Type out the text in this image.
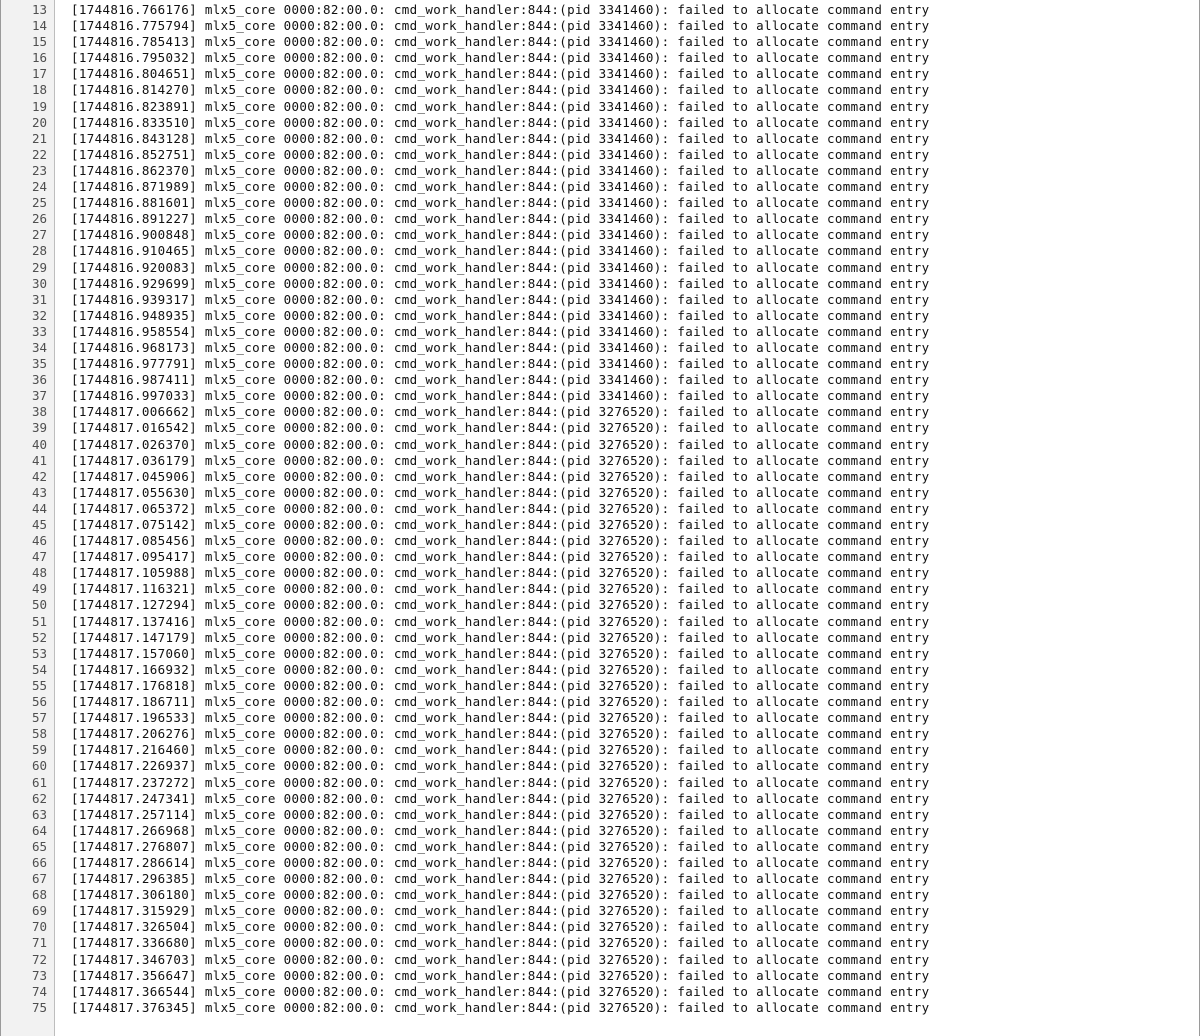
13
14
15
16
17
18
19
20
21
22
23
24
25
26
27
28
29
30
31
32
33
34
35
36
37
38
39
40
41
42
43
44
45
46
47
48
49
50
51
52
53
54
55
56
57
58
59
60
61
62
63
64
65
66
67
68
69
70
71
72
73
74
75
[1744816.766176] mlx5_core 0000:82:00.0: cmd_work_handler:844:(pid 3341460): failed to allocate command entry
[1744816.775794] mlx5_core 0000:82:00.0: cmd_work_handler:844:(pid 3341460): failed to allocate command entry
[1744816.785413] mlx5_core 0000:82:00.0: cmd_work_handler:844:(pid 3341460): failed to allocate command entry
[1744816.795032] mlx5_core 0000:82:00.0: cmd_work_handler:844:(pid 3341460): failed to allocate command entry
[1744816.804651] mlx5_core 0000:82:00.0: cmd_work_handler:844:(pid 3341460): failed to allocate command entry
[1744816.814270] mlx5_core 0000:82:00.0: cmd_work_handler:844:(pid 3341460): failed to allocate command entry
[1744816.823891] mlx5_core 0000:82:00.0: cmd_work_handler:844:(pid 3341460): failed to allocate command entry
[1744816.833510] mlx5_core 0000:82:00.0: cmd_work_handler:844:(pid 3341460): failed to allocate command entry
[1744816.843128] mlx5_core 0000:82:00.0: cmd_work_handler:844:(pid 3341460): failed to allocate command entry
[1744816.852751] mlx5_core 0000:82:00.0: cmd_work_handler:844:(pid 3341460): failed to allocate command entry
[1744816.862370] mlx5_core 0000:82:00.0: cmd_work_handler:844:(pid 3341460): failed to allocate command entry
[1744816.871989] mlx5_core 0000:82:00.0: cmd_work_handler:844:(pid 3341460): failed to allocate command entry
[1744816.881601] mlx5_core 0000:82:00.0: cmd_work_handler:844:(pid 3341460): failed to allocate command entry
[1744816.891227] mlx5_core 0000:82:00.0: cmd_work_handler:844:(pid 3341460): failed to allocate command entry
[1744816.900848] mlx5_core 0000:82:00.0: cmd_work_handler:844:(pid 3341460): failed to allocate command entry
[1744816.910465] mlx5_core 0000:82:00.0: cmd_work_handler:844:(pid 3341460): failed to allocate command entry
[1744816.920083] mlx5_core 0000:82:00.0: cmd_work_handler:844:(pid 3341460): failed to allocate command entry
[1744816.929699] mlx5_core 0000:82:00.0: cmd_work_handler:844:(pid 3341460): failed to allocate command entry
[1744816.939317] mlx5_core 0000:82:00.0: cmd_work_handler:844:(pid 3341460): failed to allocate command entry
[1744816.948935] mlx5_core 0000:82:00.0: cmd_work_handler:844:(pid 3341460): failed to allocate command entry
[1744816.958554] mlx5_core 0000:82:00.0: cmd_work_handler:844:(pid 3341460): failed to allocate command entry
[1744816.968173] mlx5_core 0000:82:00.0: cmd_work_handler:844:(pid 3341460): failed to allocate command entry
[1744816.977791] mlx5_core 0000:82:00.0: cmd_work_handler:844:(pid 3341460): failed to allocate command entry
[1744816.987411] mlx5_core 0000:82:00.0: cmd_work_handler:844:(pid 3341460): failed to allocate command entry
[1744816.997033] mlx5_core 0000:82:00.0: cmd_work_handler:844:(pid 3341460): failed to allocate command entry
[1744817.006662] mlx5_core 0000:82:00.0: cmd_work_handler:844:(pid 3276520): failed to allocate command entry
[1744817.016542] mlx5_core 0000:82:00.0: cmd_work_handler:844:(pid 3276520): failed to allocate command entry
[1744817.026370] mlx5_core 0000:82:00.0: cmd_work_handler:844:(pid 3276520): failed to allocate command entry
[1744817.036179] mlx5_core 0000:82:00.0: cmd_work_handler:844:(pid 3276520): failed to allocate command entry
[1744817.045906] mlx5_core 0000:82:00.0: cmd_work_handler:844:(pid 3276520): failed to allocate command entry
[1744817.055630] mlx5_core 0000:82:00.0: cmd_work_handler:844:(pid 3276520): failed to allocate command entry
[1744817.065372] mlx5_core 0000:82:00.0: cmd_work_handler:844:(pid 3276520): failed to allocate command entry
[1744817.075142] mlx5_core 0000:82:00.0: cmd_work_handler:844:(pid 3276520): failed to allocate command entry
[1744817.085456] mlx5_core 0000:82:00.0: cmd_work_handler:844:(pid 3276520): failed to allocate command entry
[1744817.095417] mlx5_core 0000:82:00.0: cmd_work_handler:844:(pid 3276520): failed to allocate command entry
[1744817.105988] mlx5_core 0000:82:00.0: cmd_work_handler:844:(pid 3276520): failed to allocate command entry
[1744817.116321] mlx5_core 0000:82:00.0: cmd_work_handler:844:(pid 3276520): failed to allocate command entry
[1744817.127294] mlx5_core 0000:82:00.0: cmd_work_handler:844:(pid 3276520): failed to allocate command entry
[1744817.137416] mlx5_core 0000:82:00.0: cmd_work_handler:844:(pid 3276520): failed to allocate command entry
[1744817.147179] mlx5_core 0000:82:00.0: cmd_work_handler:844:(pid 3276520): failed to allocate command entry
[1744817.157060] mlx5_core 0000:82:00.0: cmd_work_handler:844:(pid 3276520): failed to allocate command entry
[1744817.166932] mlx5_core 0000:82:00.0: cmd_work_handler:844:(pid 3276520): failed to allocate command entry
[1744817.176818] mlx5_core 0000:82:00.0: cmd_work_handler:844:(pid 3276520): failed to allocate command entry
[1744817.186711] mlx5_core 0000:82:00.0: cmd_work_handler:844:(pid 3276520): failed to allocate command entry
[1744817.196533] mlx5_core 0000:82:00.0: cmd_work_handler:844:(pid 3276520): failed to allocate command entry
[1744817.206276] mlx5_core 0000:82:00.0: cmd_work_handler:844:(pid 3276520): failed to allocate command entry
[1744817.216460] mlx5_core 0000:82:00.0: cmd_work_handler:844:(pid 3276520): failed to allocate command entry
[1744817.226937] mlx5_core 0000:82:00.0: cmd_work_handler:844:(pid 3276520): failed to allocate command entry
[1744817.237272] mlx5_core 0000:82:00.0: cmd_work_handler:844:(pid 3276520): failed to allocate command entry
[1744817.247341] mlx5_core 0000:82:00.0: cmd_work_handler:844:(pid 3276520): failed to allocate command entry
[1744817.257114] mlx5_core 0000:82:00.0: cmd_work_handler:844:(pid 3276520): failed to allocate command entry
[1744817.266968] mlx5_core 0000:82:00.0: cmd_work_handler:844:(pid 3276520): failed to allocate command entry
[1744817.276807] mlx5_core 0000:82:00.0: cmd_work_handler:844:(pid 3276520): failed to allocate command entry
[1744817.286614] mlx5_core 0000:82:00.0: cmd_work_handler:844:(pid 3276520): failed to allocate command entry
[1744817.296385] mlx5_core 0000:82:00.0: cmd_work_handler:844:(pid 3276520): failed to allocate command entry
[1744817.306180] mlx5_core 0000:82:00.0: cmd_work_handler:844:(pid 3276520): failed to allocate command entry
[1744817.315929] mlx5_core 0000:82:00.0: cmd_work_handler:844:(pid 3276520): failed to allocate command entry
[1744817.326504] mlx5_core 0000:82:00.0: cmd_work_handler:844:(pid 3276520): failed to allocate command entry
[1744817.336680] mlx5_core 0000:82:00.0: cmd_work_handler:844:(pid 3276520): failed to allocate command entry
[1744817.346703] mlx5_core 0000:82:00.0: cmd_work_handler:844:(pid 3276520): failed to allocate command entry
[1744817.356647] mlx5_core 0000:82:00.0: cmd_work_handler:844:(pid 3276520): failed to allocate command entry
[1744817.366544] mlx5_core 0000:82:00.0: cmd_work_handler:844:(pid 3276520): failed to allocate command entry
[1744817.376345] mlx5_core 0000:82:00.0: cmd_work_handler:844:(pid 3276520): failed to allocate command entry
